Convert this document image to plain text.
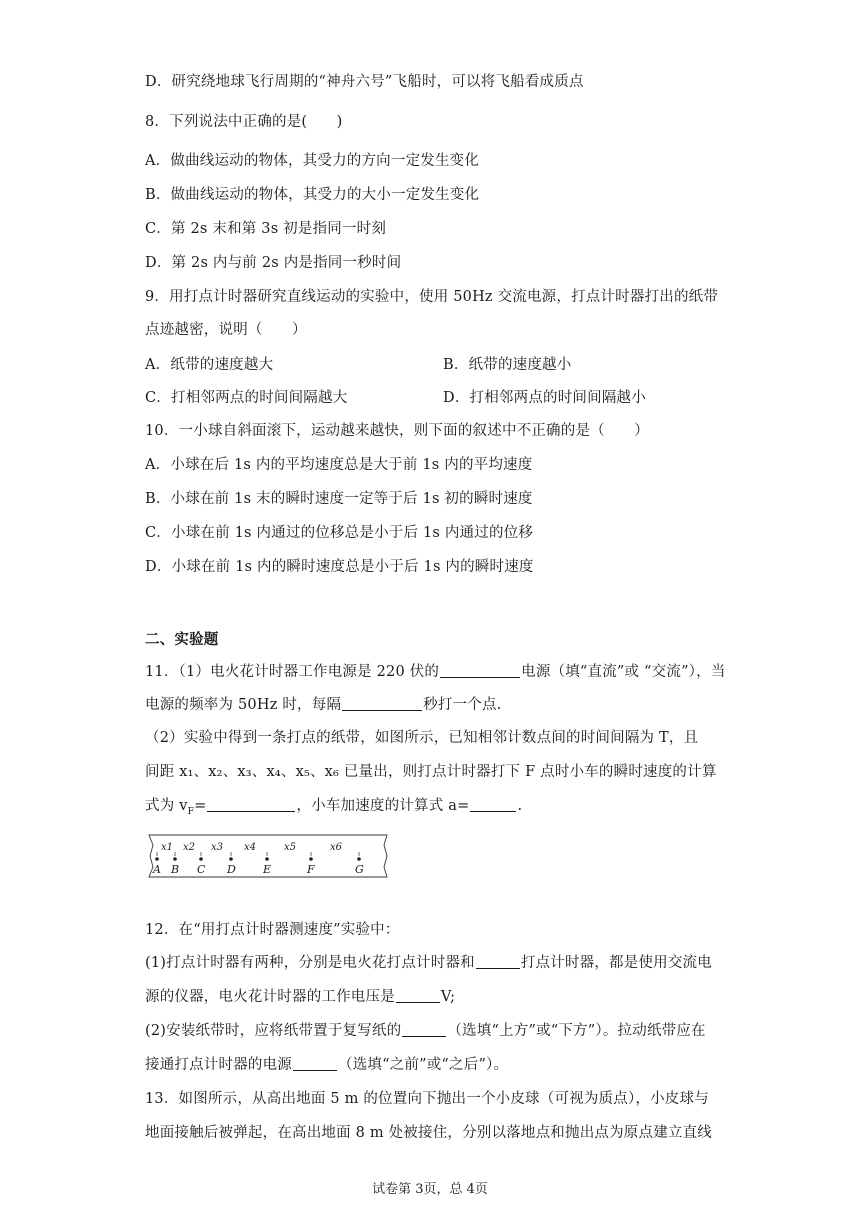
D．研究绕地球飞行周期的“神舟六号”飞船时，可以将飞船看成质点
8．下列说法中正确的是(　　)
A．做曲线运动的物体，其受力的方向一定发生变化
B．做曲线运动的物体，其受力的大小一定发生变化
C．第 2s 末和第 3s 初是指同一时刻
D．第 2s 内与前 2s 内是指同一秒时间
9．用打点计时器研究直线运动的实验中，使用 50Hz 交流电源，打点计时器打出的纸带
点迹越密，说明（　　）
A．纸带的速度越大	B．纸带的速度越小
C．打相邻两点的时间间隔越大	D．打相邻两点的时间间隔越小
10．一小球自斜面滚下，运动越来越快，则下面的叙述中不正确的是（　　）
A．小球在后 1s 内的平均速度总是大于前 1s 内的平均速度
B．小球在前 1s 末的瞬时速度一定等于后 1s 初的瞬时速度
C．小球在前 1s 内通过的位移总是小于后 1s 内通过的位移
D．小球在前 1s 内的瞬时速度总是小于后 1s 内的瞬时速度
二、实验题
11．（1）电火花计时器工作电源是 220 伏的	电源（填“直流”或 “交流”），当
电源的频率为 50Hz 时，每隔	秒打一个点.
（2）实验中得到一条打点的纸带，如图所示，已知相邻计数点间的时间间隔为 T，且
间距 x₁、x₂、x₃、x₄、x₅、x₆ 已量出，则打点计时器打下 F 点时小车的瞬时速度的计算
式为 $v_F=$	，小车加速度的计算式 a=	.
A B C D E	F	G
x1 x2 x3 x4	x5	x6
12．在“用打点计时器测速度”实验中：
(1)打点计时器有两种，分别是电火花打点计时器和	打点计时器，都是使用交流电
源的仪器，电火花计时器的工作电压是	V;
(2)安装纸带时，应将纸带置于复写纸的	（选填“上方”或“下方”）。拉动纸带应在
接通打点计时器的电源	（选填“之前”或“之后”）。
13．如图所示，从高出地面 5 m 的位置向下抛出一个小皮球（可视为质点），小皮球与
地面接触后被弹起，在高出地面 8 m 处被接住，分别以落地点和抛出点为原点建立直线
试卷第 3页，总 4页
